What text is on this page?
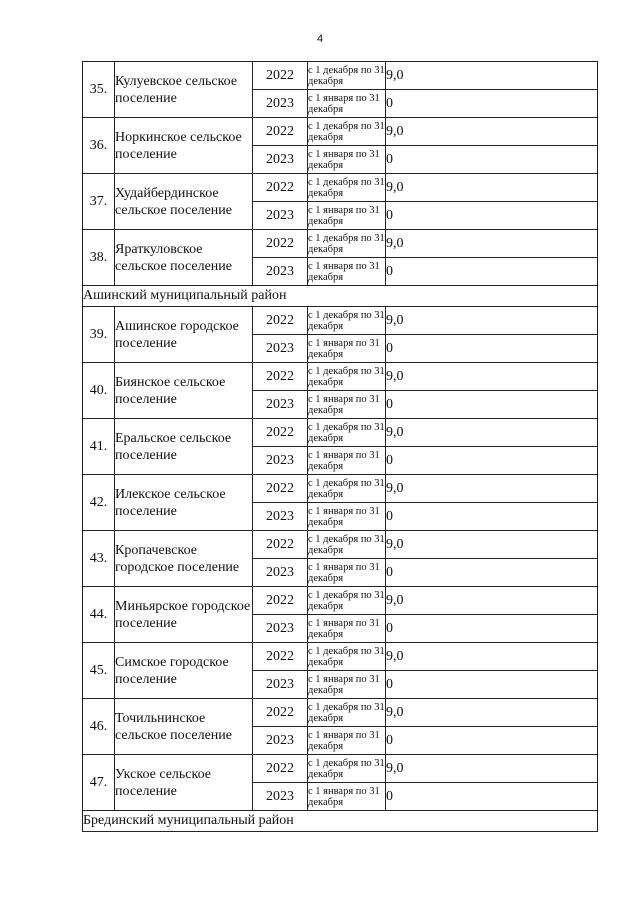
4
35.	Кулуевское сельское поселение	2022	с 1 декабря по 31 декабря	9,0
		2023	с 1 января по 31 декабря	0
36.	Норкинское сельское поселение	2022	с 1 декабря по 31 декабря	9,0
		2023	с 1 января по 31 декабря	0
37.	Худайбердинское сельское поселение	2022	с 1 декабря по 31 декабря	9,0
		2023	с 1 января по 31 декабря	0
38.	Яраткуловское сельское поселение	2022	с 1 декабря по 31 декабря	9,0
		2023	с 1 января по 31 декабря	0
Ашинский муниципальный район				
39.	Ашинское городское поселение	2022	с 1 декабря по 31 декабря	9,0
		2023	с 1 января по 31 декабря	0
40.	Биянское сельское поселение	2022	с 1 декабря по 31 декабря	9,0
		2023	с 1 января по 31 декабря	0
41.	Еральское сельское поселение	2022	с 1 декабря по 31 декабря	9,0
		2023	с 1 января по 31 декабря	0
42.	Илекское сельское поселение	2022	с 1 декабря по 31 декабря	9,0
		2023	с 1 января по 31 декабря	0
43.	Кропачевское городское поселение	2022	с 1 декабря по 31 декабря	9,0
		2023	с 1 января по 31 декабря	0
44.	Миньярское городское поселение	2022	с 1 декабря по 31 декабря	9,0
		2023	с 1 января по 31 декабря	0
45.	Симское городское поселение	2022	с 1 декабря по 31 декабря	9,0
		2023	с 1 января по 31 декабря	0
46.	Точильнинское сельское поселение	2022	с 1 декабря по 31 декабря	9,0
		2023	с 1 января по 31 декабря	0
47.	Укское сельское поселение	2022	с 1 декабря по 31 декабря	9,0
		2023	с 1 января по 31 декабря	0
Брединский муниципальный район				
